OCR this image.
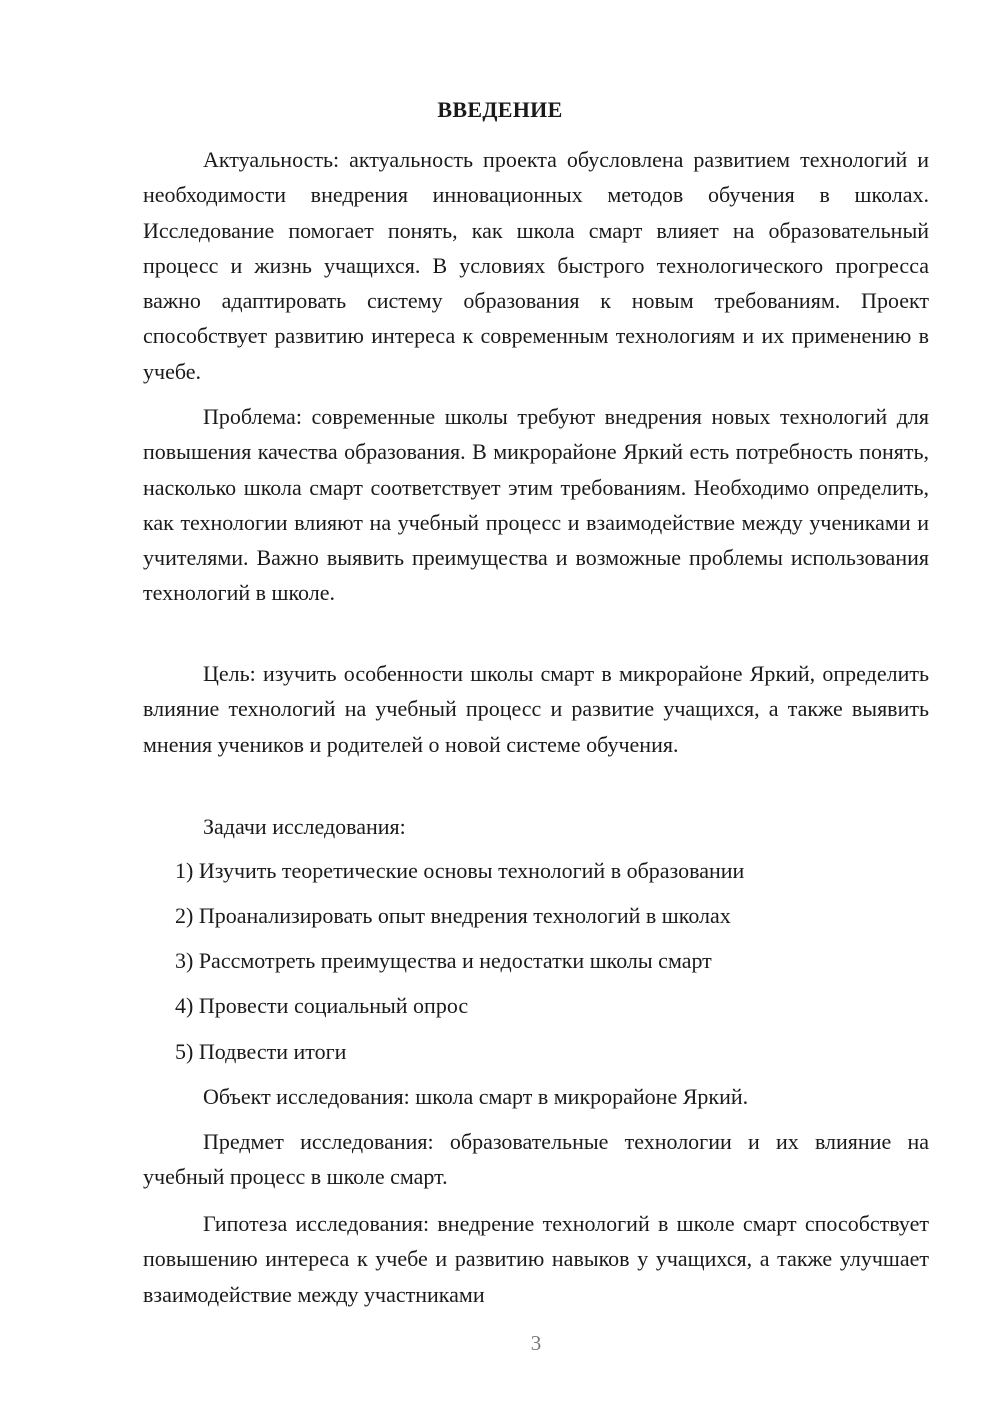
ВВЕДЕНИЕ

Актуальность: актуальность проекта обусловлена развитием технологий и необходимости внедрения инновационных методов обучения в школах. Исследование помогает понять, как школа смарт влияет на образовательный процесс и жизнь учащихся. В условиях быстрого технологического прогресса важно адаптировать систему образования к новым требованиям. Проект способствует развитию интереса к современным технологиям и их применению в учебе.

Проблема: современные школы требуют внедрения новых технологий для повышения качества образования. В микрорайоне Яркий есть потребность понять, насколько школа смарт соответствует этим требованиям. Необходимо определить, как технологии влияют на учебный процесс и взаимодействие между учениками и учителями. Важно выявить преимущества и возможные проблемы использования технологий в школе.

Цель: изучить особенности школы смарт в микрорайоне Яркий, определить влияние технологий на учебный процесс и развитие учащихся, а также выявить мнения учеников и родителей о новой системе обучения.

Задачи исследования:

1) Изучить теоретические основы технологий в образовании

2) Проанализировать опыт внедрения технологий в школах

3) Рассмотреть преимущества и недостатки школы смарт

4) Провести социальный опрос

5) Подвести итоги

Объект исследования: школа смарт в микрорайоне Яркий.

Предмет исследования: образовательные технологии и их влияние на учебный процесс в школе смарт.

Гипотеза исследования: внедрение технологий в школе смарт способствует повышению интереса к учебе и развитию навыков у учащихся, а также улучшает взаимодействие между участниками

3
